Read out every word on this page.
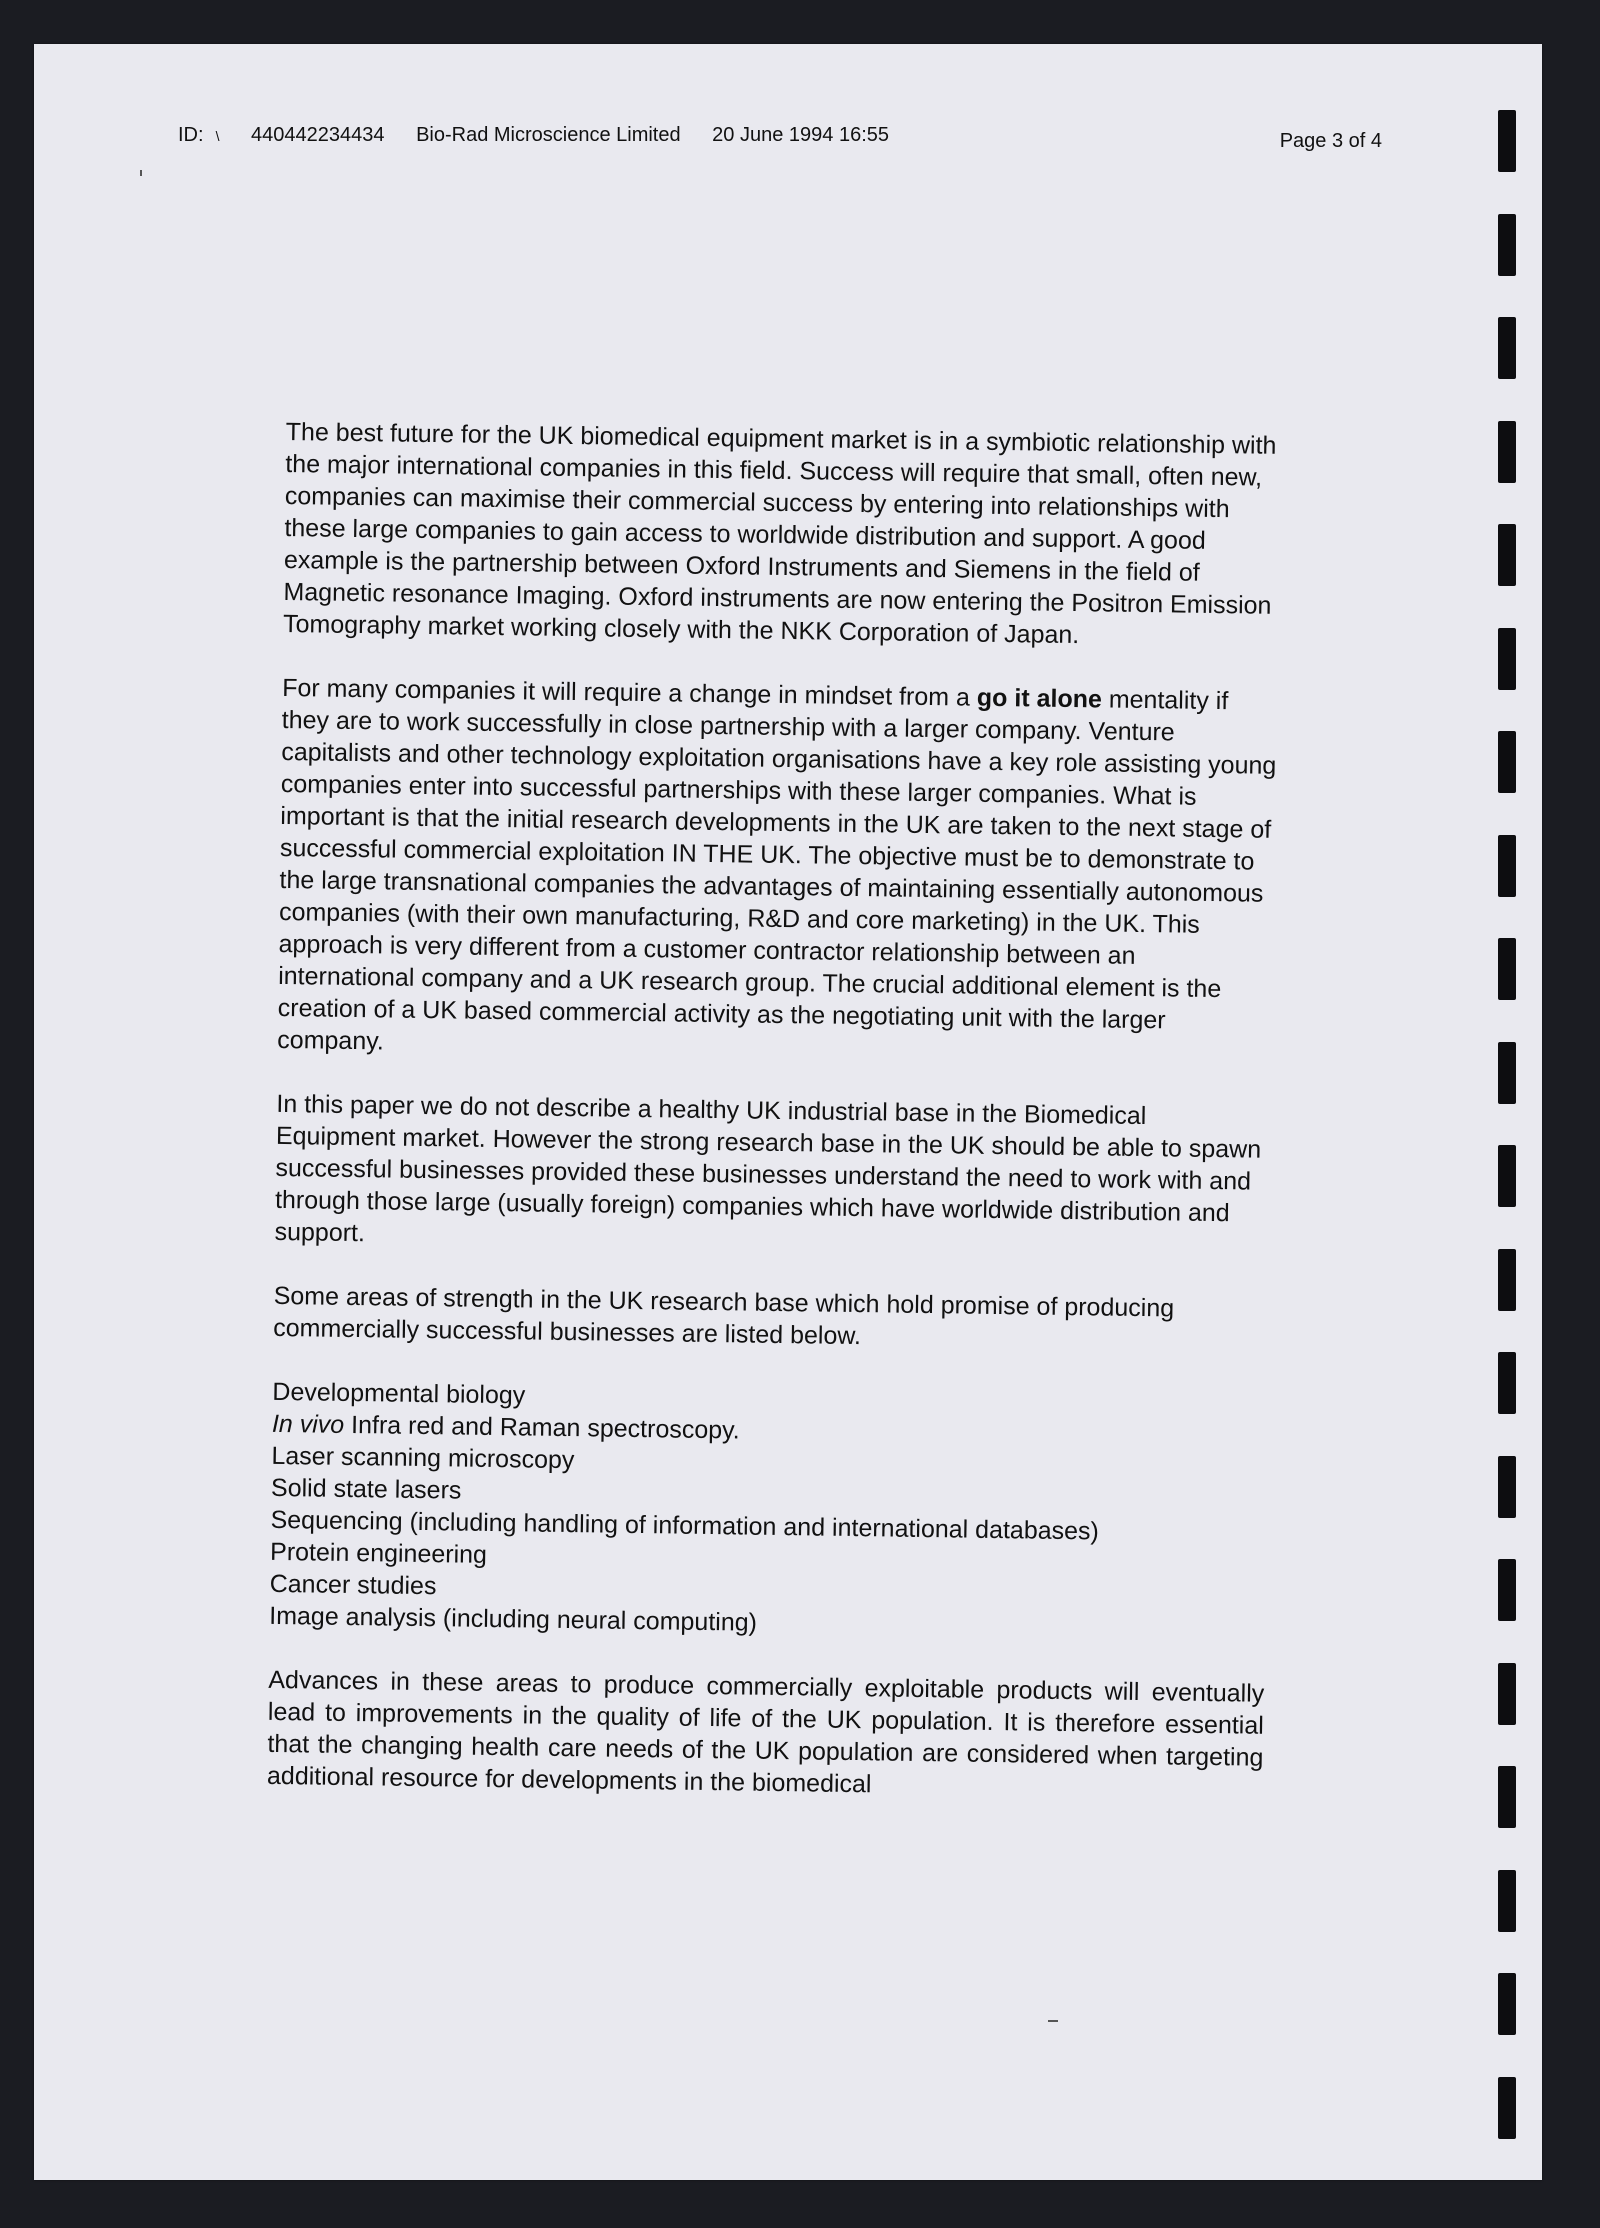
ID: \ 440442234434 Bio-Rad Microscience Limited 20 June 1994 16:55	Page 3 of 4

The best future for the UK biomedical equipment market is in a symbiotic relationship with the major international companies in this field. Success will require that small, often new, companies can maximise their commercial success by entering into relationships with these large companies to gain access to worldwide distribution and support. A good example is the partnership between Oxford Instruments and Siemens in the field of Magnetic resonance Imaging. Oxford instruments are now entering the Positron Emission Tomography market working closely with the NKK Corporation of Japan.

For many companies it will require a change in mindset from a go it alone mentality if they are to work successfully in close partnership with a larger company. Venture capitalists and other technology exploitation organisations have a key role assisting young companies enter into successful partnerships with these larger companies. What is important is that the initial research developments in the UK are taken to the next stage of successful commercial exploitation IN THE UK. The objective must be to demonstrate to the large transnational companies the advantages of maintaining essentially autonomous companies (with their own manufacturing, R&D and core marketing) in the UK. This approach is very different from a customer contractor relationship between an international company and a UK research group. The crucial additional element is the creation of a UK based commercial activity as the negotiating unit with the larger company.

In this paper we do not describe a healthy UK industrial base in the Biomedical Equipment market. However the strong research base in the UK should be able to spawn successful businesses provided these businesses understand the need to work with and through those large (usually foreign) companies which have worldwide distribution and support.

Some areas of strength in the UK research base which hold promise of producing commercially successful businesses are listed below.

Developmental biology
In vivo Infra red and Raman spectroscopy.
Laser scanning microscopy
Solid state lasers
Sequencing (including handling of information and international databases)
Protein engineering
Cancer studies
Image analysis (including neural computing)

Advances in these areas to produce commercially exploitable products will eventually lead to improvements in the quality of life of the UK population. It is therefore essential that the changing health care needs of the UK population are considered when targeting additional resource for developments in the biomedical
